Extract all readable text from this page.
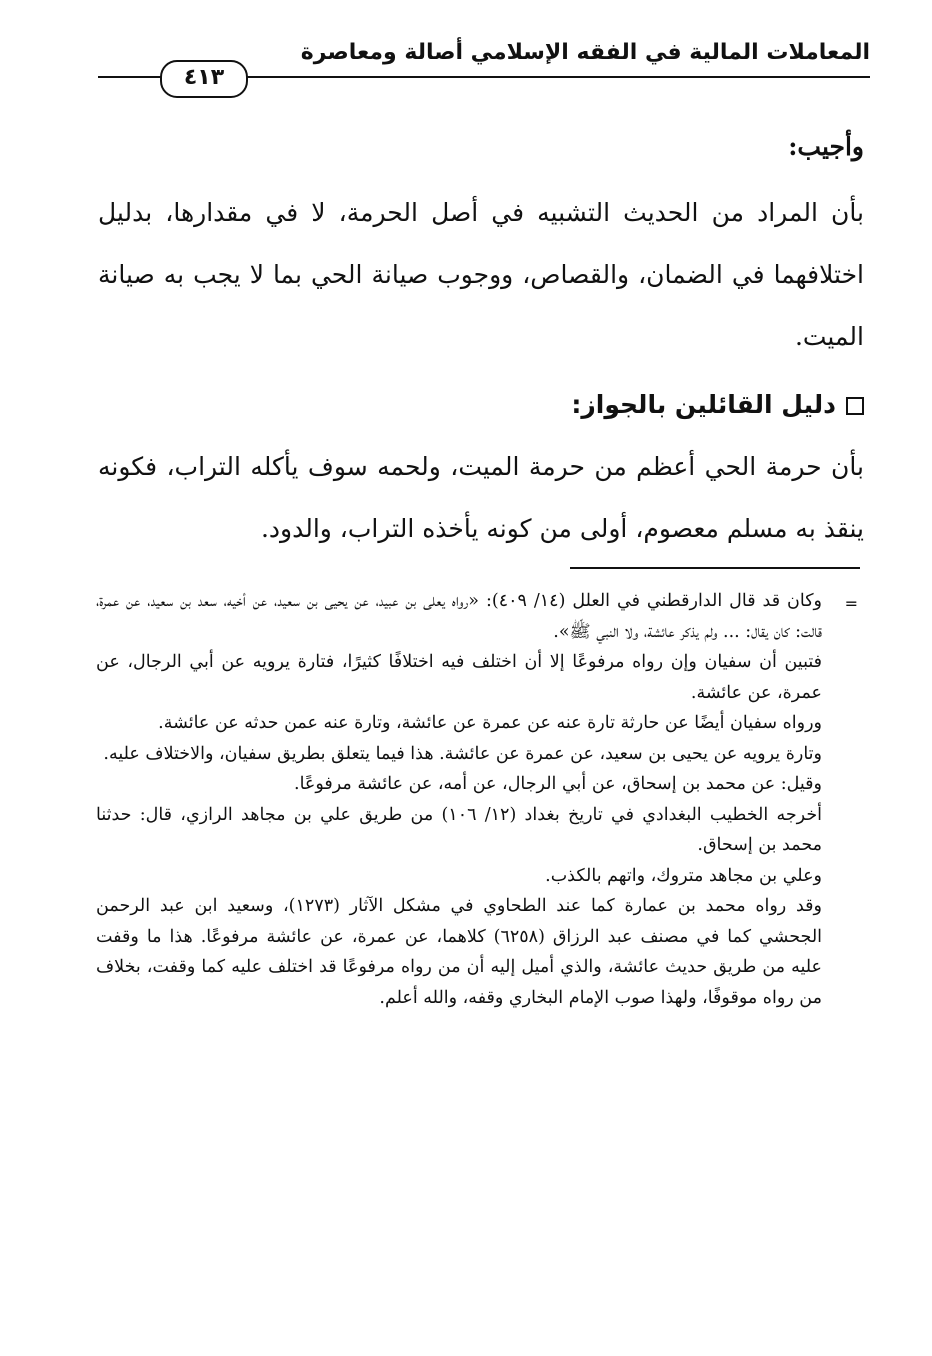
المعاملات المالية في الفقه الإسلامي أصالة ومعاصرة
٤١٣
وأجيب:
بأن المراد من الحديث التشبيه في أصل الحرمة، لا في مقدارها، بدليل اختلافهما في الضمان، والقصاص، ووجوب صيانة الحي بما لا يجب به صيانة الميت.
دليل القائلين بالجواز:
بأن حرمة الحي أعظم من حرمة الميت، ولحمه سوف يأكله التراب، فكونه ينقذ به مسلم معصوم، أولى من كونه يأخذه التراب، والدود.
=

وكان قد قال الدارقطني في العلل (١٤/ ٤٠٩): «رواه يعلى بن عبيد، عن يحيى بن سعيد، عن أخيه، سعد بن سعيد، عن عمرة، قالت: كان يقال: ... ولم يذكر عائشة، ولا النبي ﷺ».

فتبين أن سفيان وإن رواه مرفوعًا إلا أن اختلف فيه اختلافًا كثيرًا، فتارة يرويه عن أبي الرجال، عن عمرة، عن عائشة.

ورواه سفيان أيضًا عن حارثة تارة عنه عن عمرة عن عائشة، وتارة عنه عمن حدثه عن عائشة.

وتارة يرويه عن يحيى بن سعيد، عن عمرة عن عائشة. هذا فيما يتعلق بطريق سفيان، والاختلاف عليه.

وقيل: عن محمد بن إسحاق، عن أبي الرجال، عن أمه، عن عائشة مرفوعًا.

أخرجه الخطيب البغدادي في تاريخ بغداد (١٢/ ١٠٦) من طريق علي بن مجاهد الرازي، قال: حدثنا محمد بن إسحاق.

وعلي بن مجاهد متروك، واتهم بالكذب.

وقد رواه محمد بن عمارة كما عند الطحاوي في مشكل الآثار (١٢٧٣)، وسعيد ابن عبد الرحمن الجحشي كما في مصنف عبد الرزاق (٦٢٥٨) كلاهما، عن عمرة، عن عائشة مرفوعًا. هذا ما وقفت عليه من طريق حديث عائشة، والذي أميل إليه أن من رواه مرفوعًا قد اختلف عليه كما وقفت، بخلاف من رواه موقوفًا، ولهذا صوب الإمام البخاري وقفه، والله أعلم.
